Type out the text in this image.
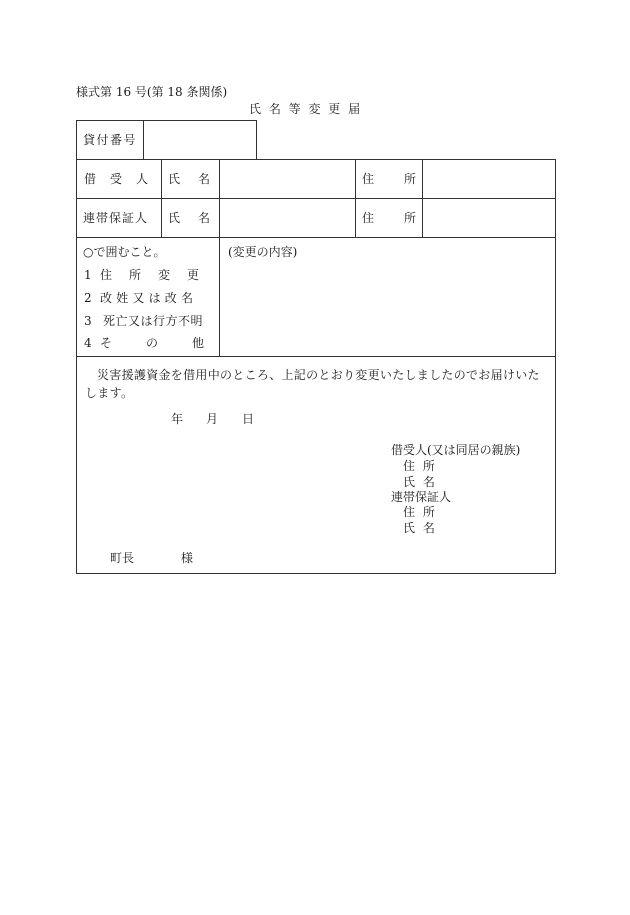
様式第 16 号(第 18 条関係)
氏 名 等 変 更 届
貸付番号
借受人 氏名	住所
連帯保証人 氏名	住所
○で囲むこと。
1 住所変更
2 改姓又は改名
3 死亡又は行方不明
4 その他
(変更の内容)
災害援護資金を借用中のところ、上記のとおり変更いたしましたのでお届けいたします。
年 月 日
借受人(又は同居の親族)
住 所
氏 名
連帯保証人
住 所
氏 名
町長	様
